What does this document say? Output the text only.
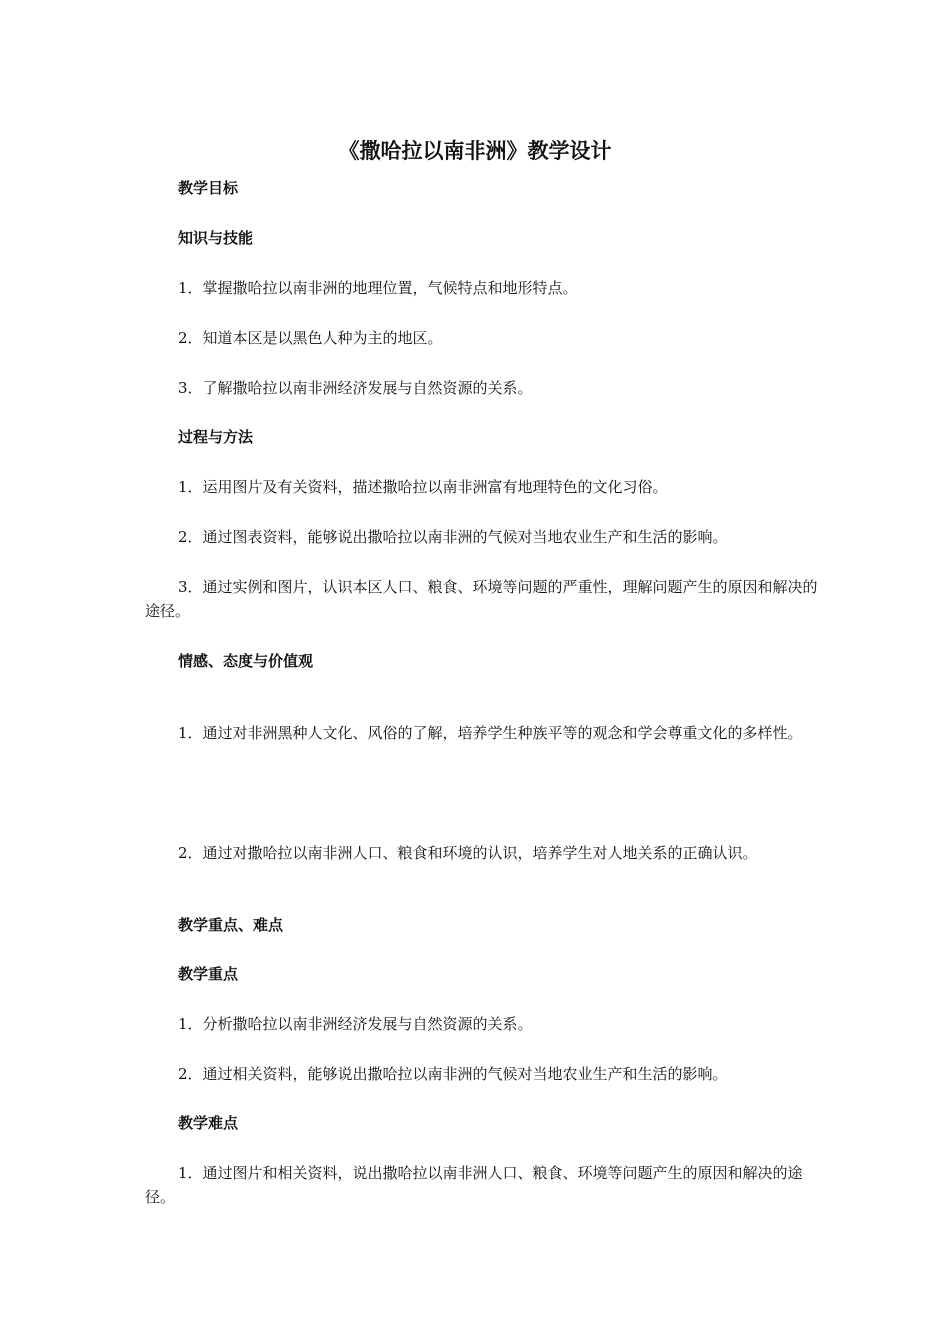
《撒哈拉以南非洲》教学设计
教学目标
知识与技能

1．掌握撒哈拉以南非洲的地理位置，气候特点和地形特点。

2．知道本区是以黑色人种为主的地区。

3．了解撒哈拉以南非洲经济发展与自然资源的关系。

过程与方法

1．运用图片及有关资料，描述撒哈拉以南非洲富有地理特色的文化习俗。

2．通过图表资料，能够说出撒哈拉以南非洲的气候对当地农业生产和生活的影响。

3．通过实例和图片，认识本区人口、粮食、环境等问题的严重性，理解问题产生的原因和解决的途径。

情感、态度与价值观

1．通过对非洲黑种人文化、风俗的了解，培养学生种族平等的观念和学会尊重文化的多样性。

2．通过对撒哈拉以南非洲人口、粮食和环境的认识，培养学生对人地关系的正确认识。

教学重点、难点
教学重点

1．分析撒哈拉以南非洲经济发展与自然资源的关系。

2．通过相关资料，能够说出撒哈拉以南非洲的气候对当地农业生产和生活的影响。

教学难点

1．通过图片和相关资料，说出撒哈拉以南非洲人口、粮食、环境等问题产生的原因和解决的途径。
